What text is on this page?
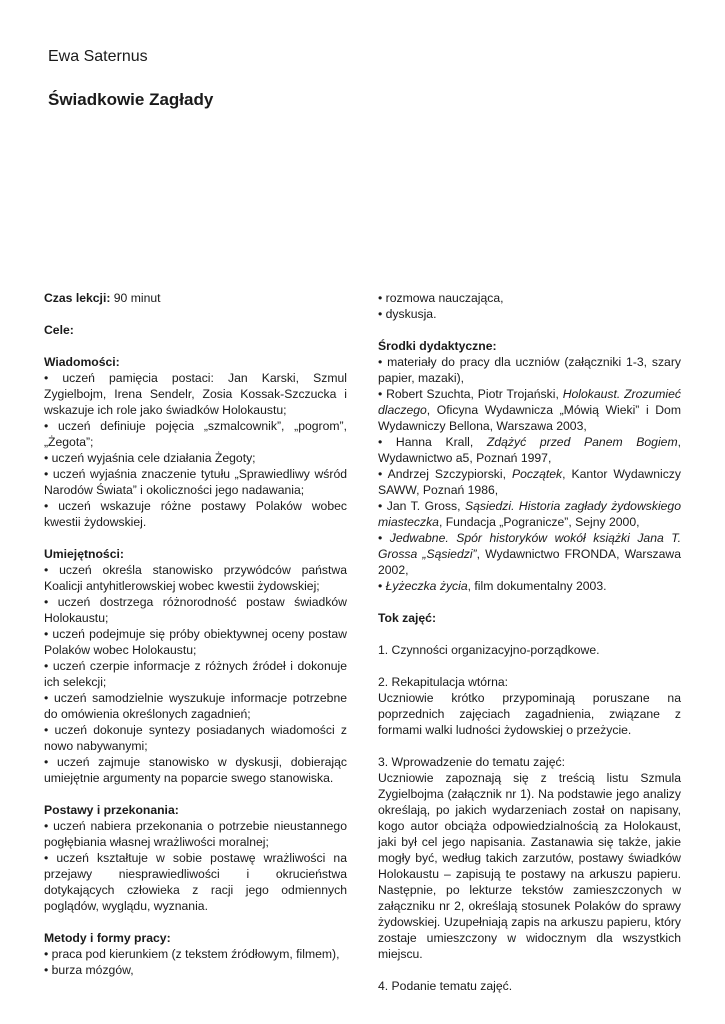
Ewa Saternus
Świadkowie Zagłady

Czas lekcji: 90 minut

Cele:

Wiadomości:

• uczeń pamięcia postaci: Jan Karski, Szmul Zygielbojm, Irena Sendelr, Zosia Kossak-Szczucka i wskazuje ich role jako świadków Holokaustu;

• uczeń definiuje pojęcia „szmalcownik”, „pogrom”, „Żegota”;

• uczeń wyjaśnia cele działania Żegoty;

• uczeń wyjaśnia znaczenie tytułu „Sprawiedliwy wśród Narodów Świata” i okoliczności jego nadawania;

• uczeń wskazuje różne postawy Polaków wobec kwestii żydowskiej.

Umiejętności:

• uczeń określa stanowisko przywódców państwa Koalicji antyhitlerowskiej wobec kwestii żydowskiej;

• uczeń dostrzega różnorodność postaw świadków Holokaustu;

• uczeń podejmuje się próby obiektywnej oceny postaw Polaków wobec Holokaustu;

• uczeń czerpie informacje z różnych źródeł i dokonuje ich selekcji;

• uczeń samodzielnie wyszukuje informacje potrzebne do omówienia określonych zagadnień;

• uczeń dokonuje syntezy posiadanych wiadomości z nowo nabywanymi;

• uczeń zajmuje stanowisko w dyskusji, dobierając umiejętnie argumenty na poparcie swego stanowiska.

Postawy i przekonania:

• uczeń nabiera przekonania o potrzebie nieustannego pogłębiania własnej wrażliwości moralnej;

• uczeń kształtuje w sobie postawę wrażliwości na przejawy niesprawiedliwości i okrucieństwa dotykających człowieka z racji jego odmiennych poglądów, wyglądu, wyznania.

Metody i formy pracy:

• praca pod kierunkiem (z tekstem źródłowym, filmem),

• burza mózgów,

• rozmowa nauczająca,

• dyskusja.

Środki dydaktyczne:

• materiały do pracy dla uczniów (załączniki 1-3, szary papier, mazaki),

• Robert Szuchta, Piotr Trojański, Holokaust. Zrozumieć dlaczego, Oficyna Wydawnicza „Mówią Wieki” i Dom Wydawniczy Bellona, Warszawa 2003,

• Hanna Krall, Zdążyć przed Panem Bogiem, Wydawnictwo a5, Poznań 1997,

• Andrzej Szczypiorski, Początek, Kantor Wydawniczy SAWW, Poznań 1986,

• Jan T. Gross, Sąsiedzi. Historia zagłady żydowskiego miasteczka, Fundacja „Pogranicze”, Sejny 2000,

• Jedwabne. Spór historyków wokół książki Jana T. Grossa „Sąsiedzi”, Wydawnictwo FRONDA, Warszawa 2002,

• Łyżeczka życia, film dokumentalny 2003.

Tok zajęć:

1. Czynności organizacyjno-porządkowe.

2. Rekapitulacja wtórna:

Uczniowie krótko przypominają poruszane na poprzednich zajęciach zagadnienia, związane z formami walki ludności żydowskiej o przeżycie.

3. Wprowadzenie do tematu zajęć:

Uczniowie zapoznają się z treścią listu Szmula Zygielbojma (załącznik nr 1). Na podstawie jego analizy określają, po jakich wydarzeniach został on napisany, kogo autor obciąża odpowiedzialnością za Holokaust, jaki był cel jego napisania. Zastanawia się także, jakie mogły być, według takich zarzutów, postawy świadków Holokaustu – zapisują te postawy na arkuszu papieru. Następnie, po lekturze tekstów zamieszczonych w załączniku nr 2, określają stosunek Polaków do sprawy żydowskiej. Uzupełniają zapis na arkuszu papieru, który zostaje umieszczony w widocznym dla wszystkich miejscu.

4. Podanie tematu zajęć.
